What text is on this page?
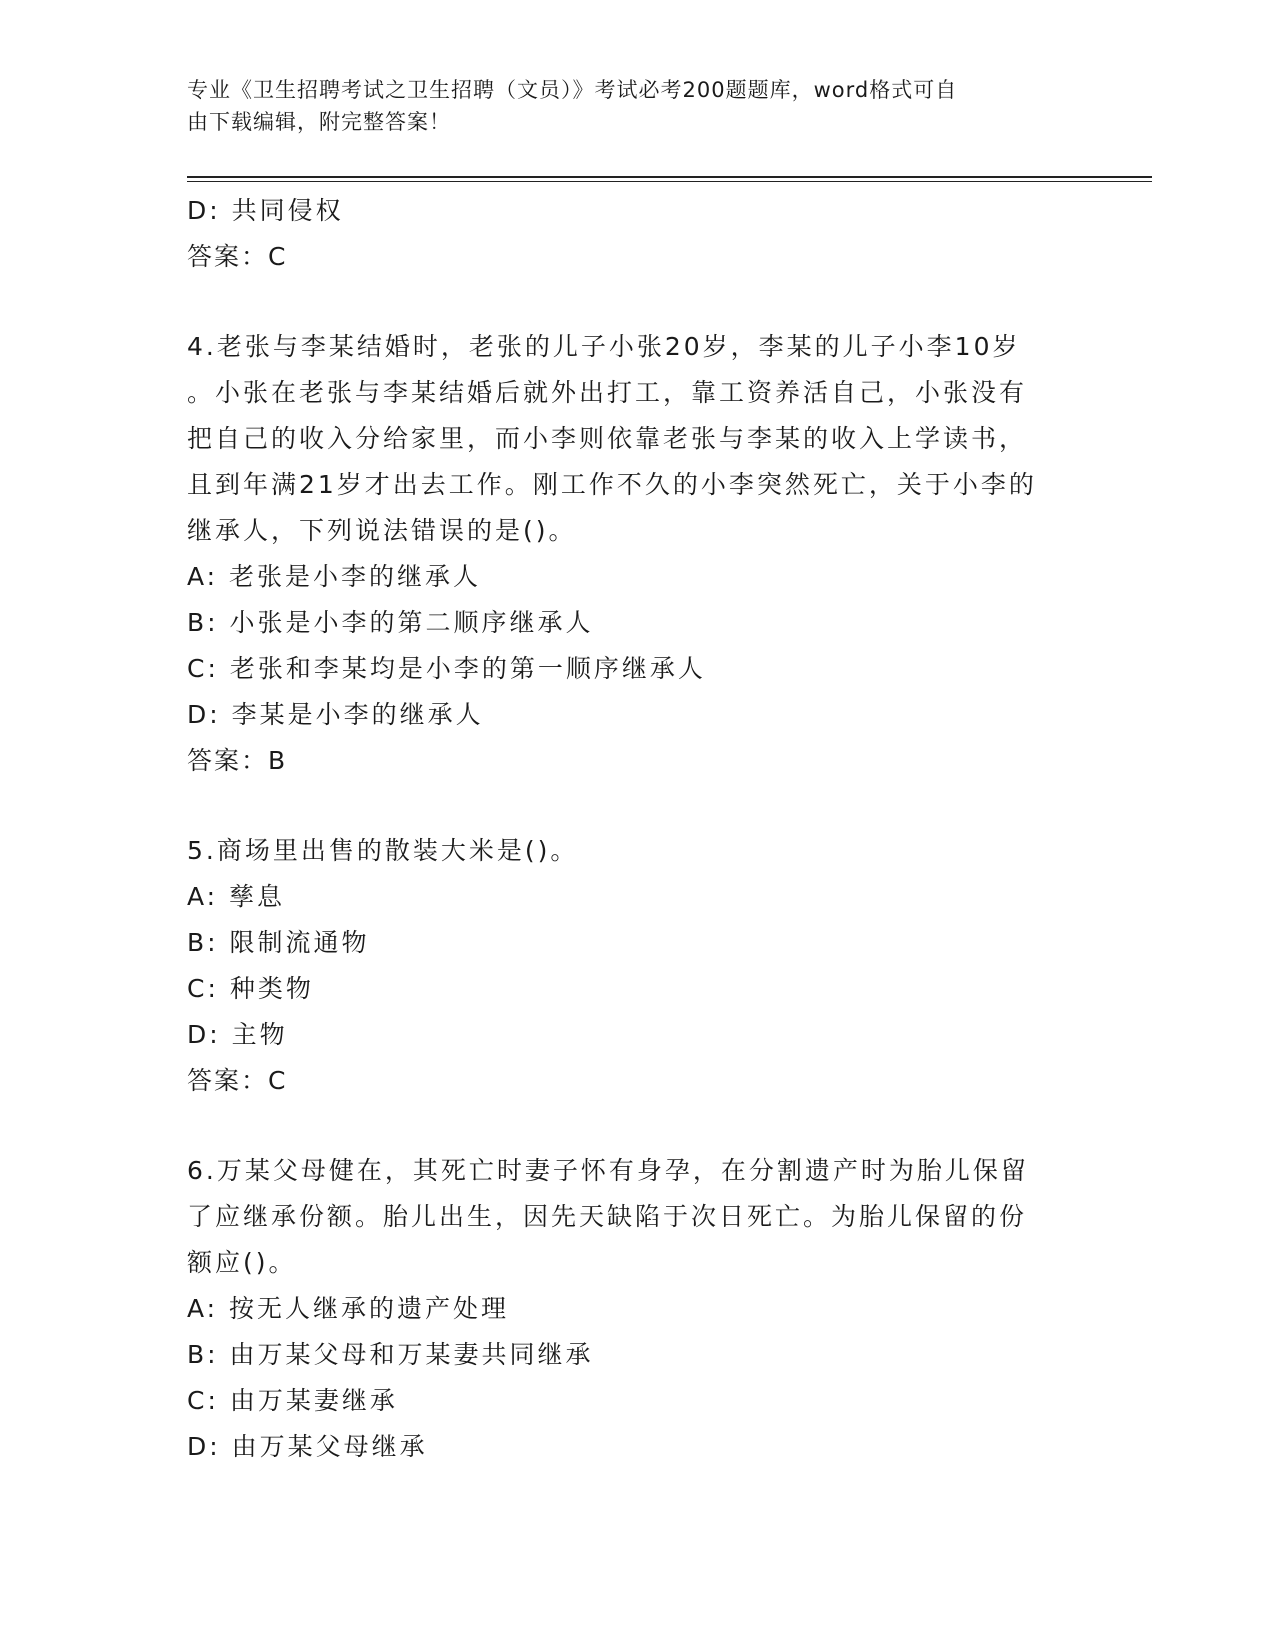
专业《卫生招聘考试之卫生招聘（文员）》考试必考200题题库，word格式可自
由下载编辑，附完整答案！
D: 共同侵权
答案：C
4.老张与李某结婚时，老张的儿子小张20岁，李某的儿子小李10岁
。小张在老张与李某结婚后就外出打工，靠工资养活自己，小张没有
把自己的收入分给家里，而小李则依靠老张与李某的收入上学读书，
且到年满21岁才出去工作。刚工作不久的小李突然死亡，关于小李的
继承人，下列说法错误的是()。
A: 老张是小李的继承人
B: 小张是小李的第二顺序继承人
C: 老张和李某均是小李的第一顺序继承人
D: 李某是小李的继承人
答案：B
5.商场里出售的散装大米是()。
A: 孳息
B: 限制流通物
C: 种类物
D: 主物
答案：C
6.万某父母健在，其死亡时妻子怀有身孕，在分割遗产时为胎儿保留
了应继承份额。胎儿出生，因先天缺陷于次日死亡。为胎儿保留的份
额应()。
A: 按无人继承的遗产处理
B: 由万某父母和万某妻共同继承
C: 由万某妻继承
D: 由万某父母继承
